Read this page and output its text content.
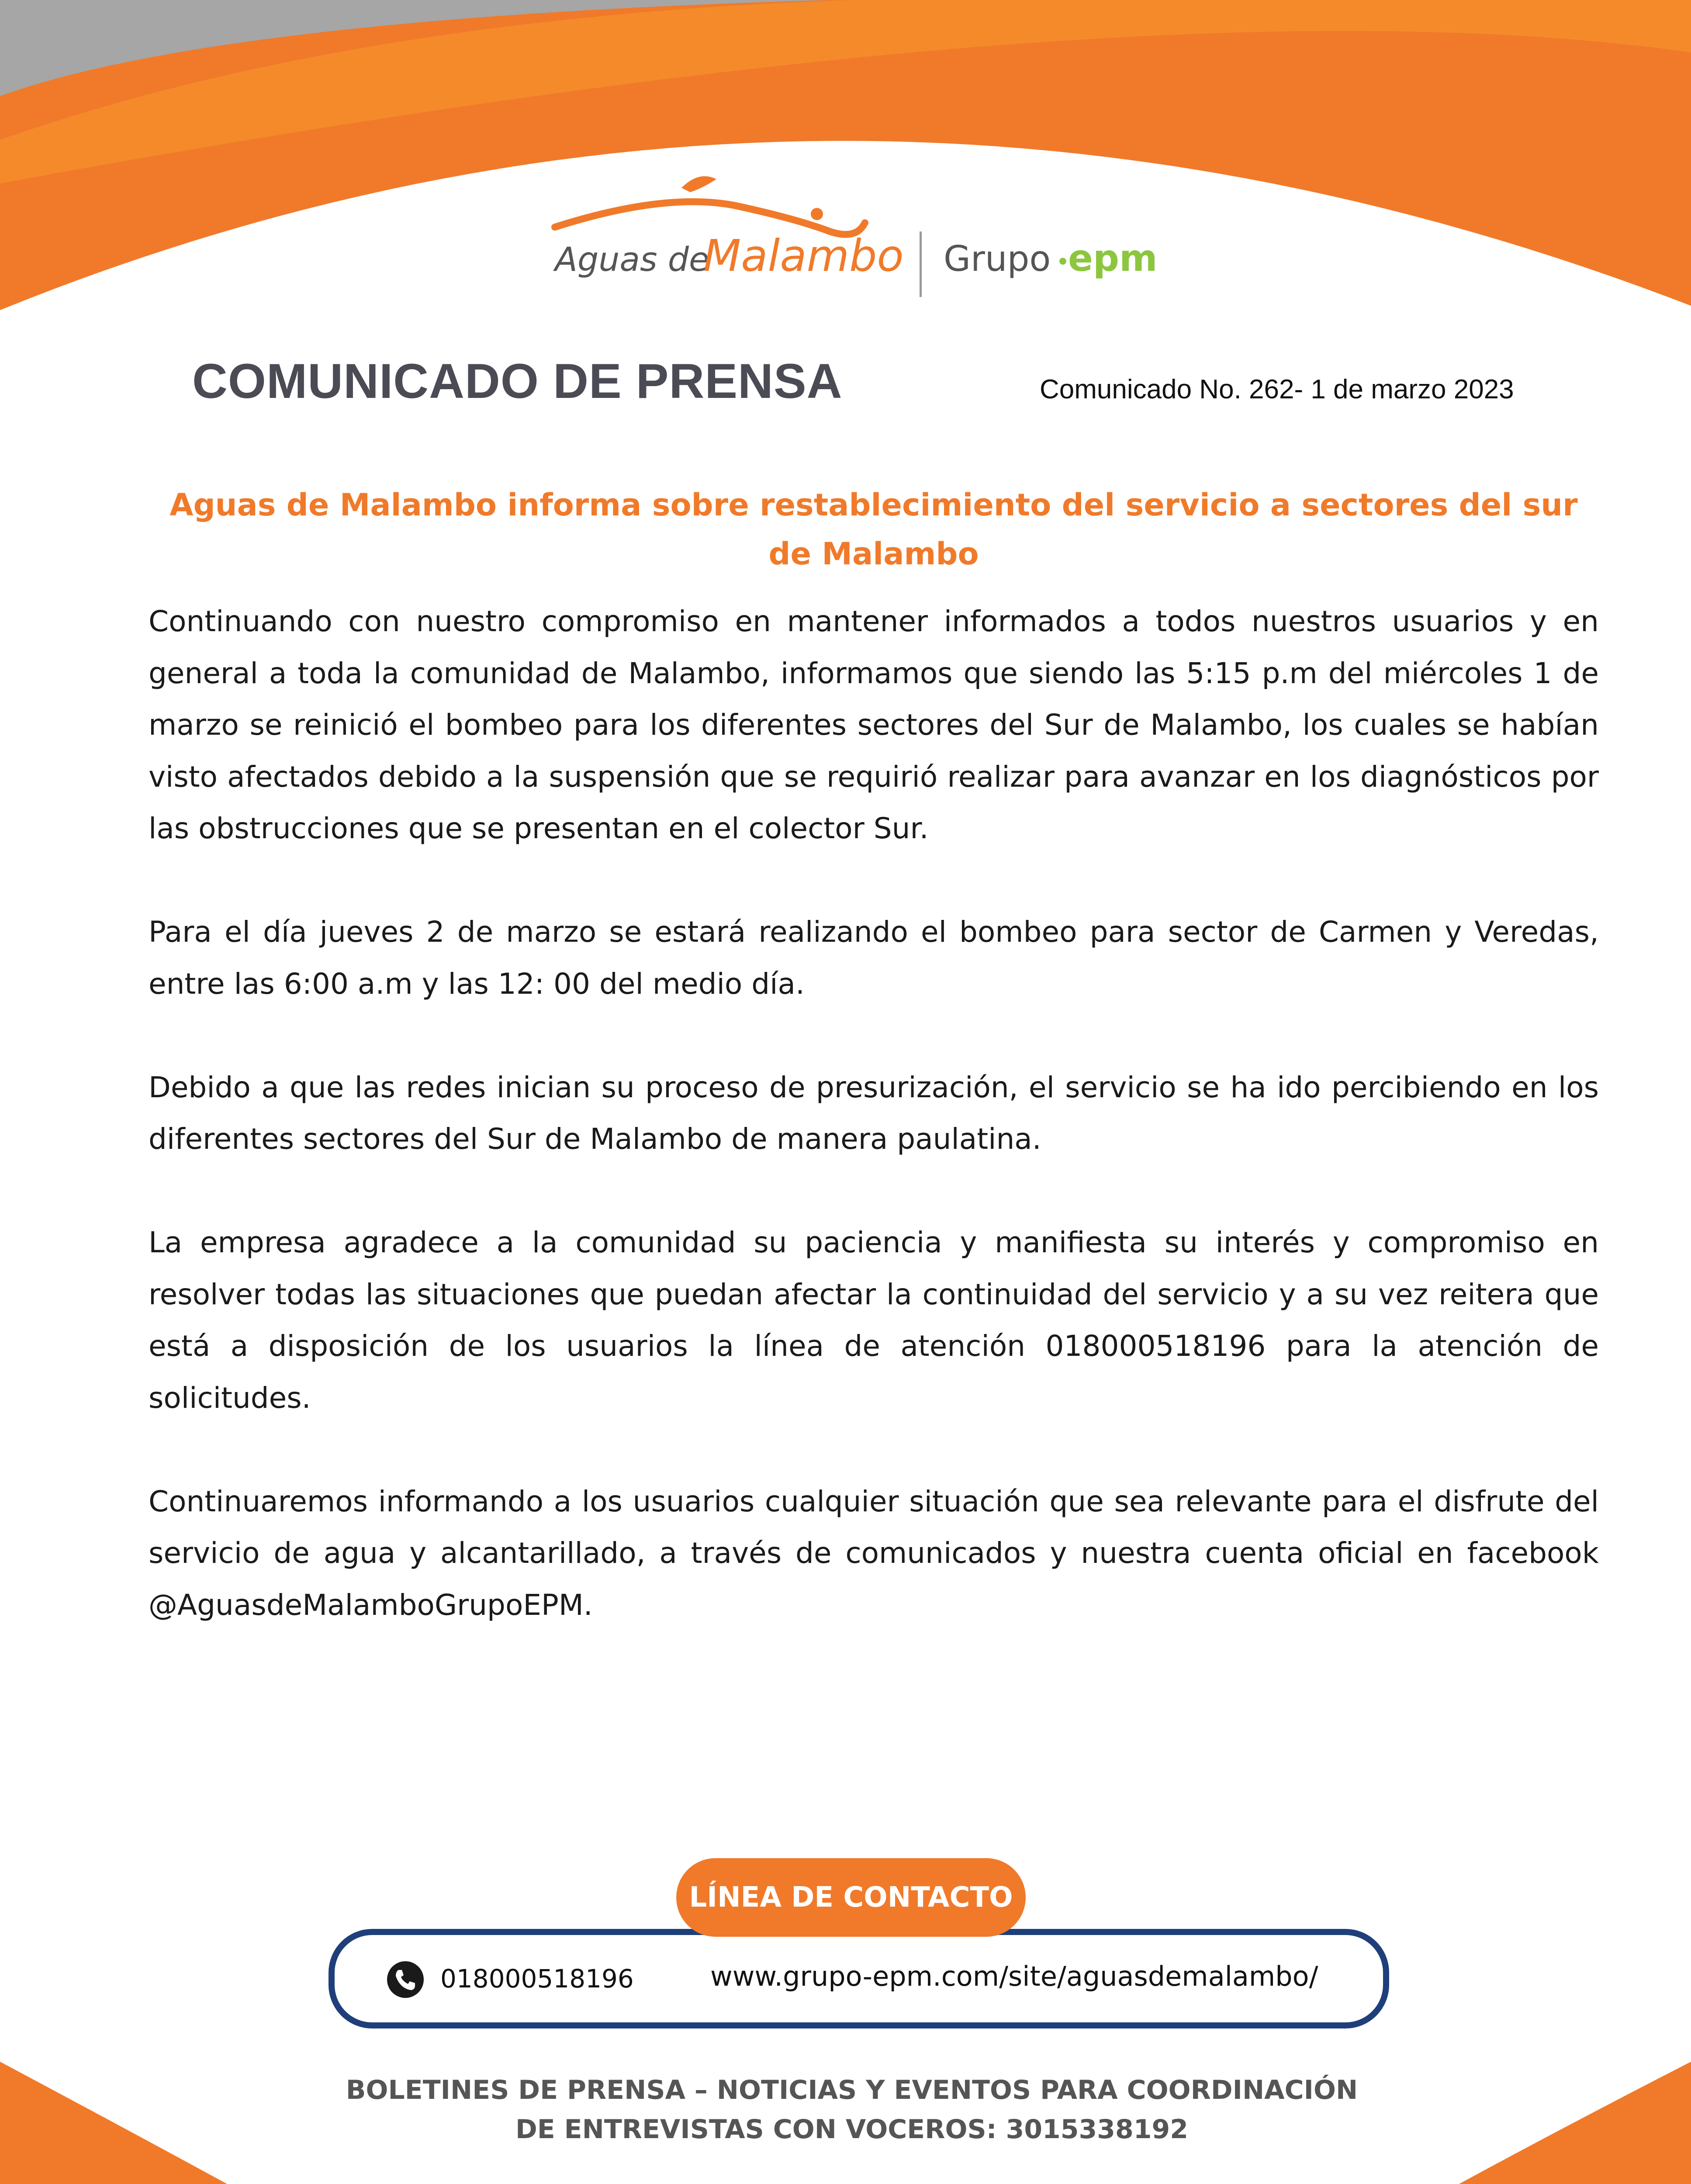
Aguas de
Malambo Grupo epm
COMUNICADO DE PRENSA	Comunicado No. 262- 1 de marzo 2023
Aguas de Malambo informa sobre restablecimiento del servicio a sectores del sur de Malambo

Continuando con nuestro compromiso en mantener informados a todos nuestros usuarios y en general a toda la comunidad de Malambo, informamos que siendo las 5:15 p.m del miércoles 1 de marzo se reinició el bombeo para los diferentes sectores del Sur de Malambo, los cuales se habían visto afectados debido a la suspensión que se requirió realizar para avanzar en los diagnósticos por las obstrucciones que se presentan en el colector Sur.

Para el día jueves 2 de marzo se estará realizando el bombeo para sector de Carmen y Veredas, entre las 6:00 a.m y las 12: 00 del medio día.

Debido a que las redes inician su proceso de presurización, el servicio se ha ido percibiendo en los diferentes sectores del Sur de Malambo de manera paulatina.

La empresa agradece a la comunidad su paciencia y manifiesta su interés y compromiso en resolver todas las situaciones que puedan afectar la continuidad del servicio y a su vez reitera que está a disposición de los usuarios la línea de atención 018000518196 para la atención de solicitudes.

Continuaremos informando a los usuarios cualquier situación que sea relevante para el disfrute del servicio de agua y alcantarillado, a través de comunicados y nuestra cuenta oficial en facebook @AguasdeMalamboGrupoEPM.

LÍNEA DE CONTACTO
018000518196	www.grupo-epm.com/site/aguasdemalambo/
BOLETINES DE PRENSA – NOTICIAS Y EVENTOS PARA COORDINACIÓN
DE ENTREVISTAS CON VOCEROS: 3015338192
